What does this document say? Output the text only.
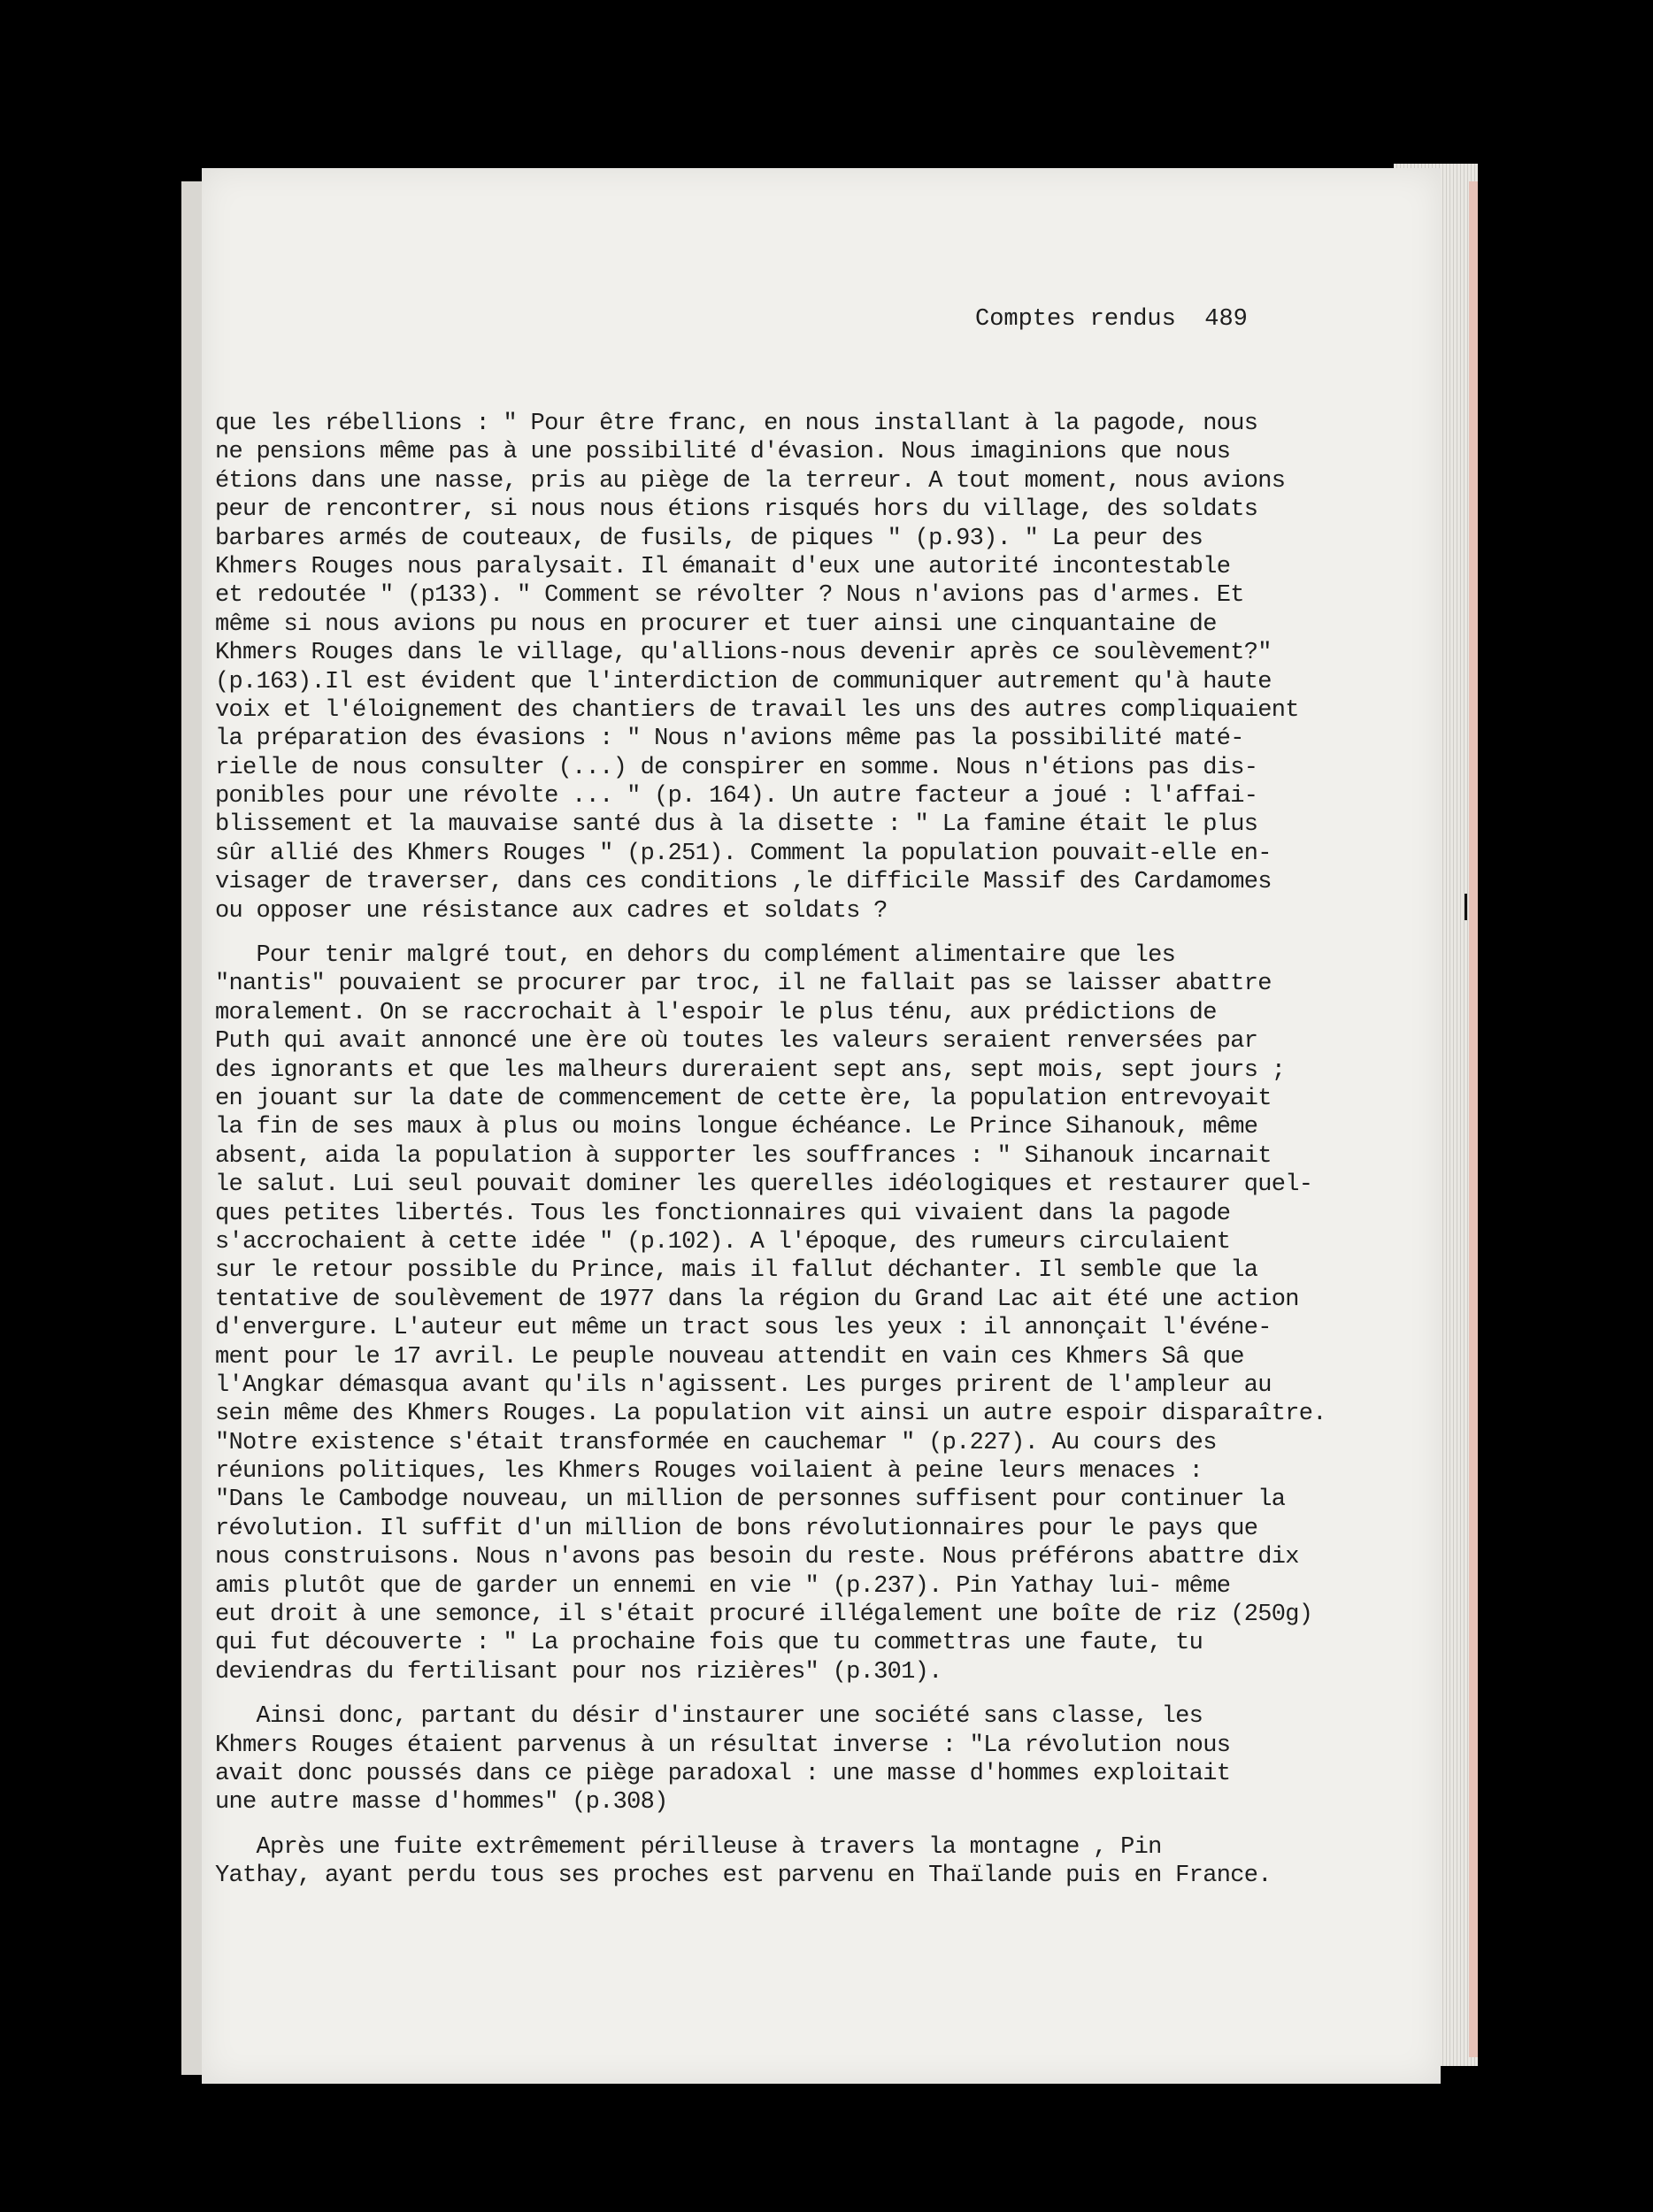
Comptes rendus 489
que les rébellions : " Pour être franc, en nous installant à la pagode, nous
ne pensions même pas à une possibilité d'évasion. Nous imaginions que nous
étions dans une nasse, pris au piège de la terreur. A tout moment, nous avions
peur de rencontrer, si nous nous étions risqués hors du village, des soldats
barbares armés de couteaux, de fusils, de piques " (p.93). " La peur des
Khmers Rouges nous paralysait. Il émanait d'eux une autorité incontestable
et redoutée " (p133). " Comment se révolter ? Nous n'avions pas d'armes. Et
même si nous avions pu nous en procurer et tuer ainsi une cinquantaine de
Khmers Rouges dans le village, qu'allions-nous devenir après ce soulèvement?"
(p.163).Il est évident que l'interdiction de communiquer autrement qu'à haute
voix et l'éloignement des chantiers de travail les uns des autres compliquaient
la préparation des évasions : " Nous n'avions même pas la possibilité maté-
rielle de nous consulter (...) de conspirer en somme. Nous n'étions pas dis-
ponibles pour une révolte ... " (p. 164). Un autre facteur a joué : l'affai-
blissement et la mauvaise santé dus à la disette : " La famine était le plus
sûr allié des Khmers Rouges " (p.251). Comment la population pouvait-elle en-
visager de traverser, dans ces conditions ,le difficile Massif des Cardamomes
ou opposer une résistance aux cadres et soldats ?
Pour tenir malgré tout, en dehors du complément alimentaire que les
"nantis" pouvaient se procurer par troc, il ne fallait pas se laisser abattre
moralement. On se raccrochait à l'espoir le plus ténu, aux prédictions de
Puth qui avait annoncé une ère où toutes les valeurs seraient renversées par
des ignorants et que les malheurs dureraient sept ans, sept mois, sept jours ;
en jouant sur la date de commencement de cette ère, la population entrevoyait
la fin de ses maux à plus ou moins longue échéance. Le Prince Sihanouk, même
absent, aida la population à supporter les souffrances : " Sihanouk incarnait
le salut. Lui seul pouvait dominer les querelles idéologiques et restaurer quel-
ques petites libertés. Tous les fonctionnaires qui vivaient dans la pagode
s'accrochaient à cette idée " (p.102). A l'époque, des rumeurs circulaient
sur le retour possible du Prince, mais il fallut déchanter. Il semble que la
tentative de soulèvement de 1977 dans la région du Grand Lac ait été une action
d'envergure. L'auteur eut même un tract sous les yeux : il annonçait l'événe-
ment pour le 17 avril. Le peuple nouveau attendit en vain ces Khmers Sâ que
l'Angkar démasqua avant qu'ils n'agissent. Les purges prirent de l'ampleur au
sein même des Khmers Rouges. La population vit ainsi un autre espoir disparaître.
"Notre existence s'était transformée en cauchemar " (p.227). Au cours des
réunions politiques, les Khmers Rouges voilaient à peine leurs menaces :
"Dans le Cambodge nouveau, un million de personnes suffisent pour continuer la
révolution. Il suffit d'un million de bons révolutionnaires pour le pays que
nous construisons. Nous n'avons pas besoin du reste. Nous préférons abattre dix
amis plutôt que de garder un ennemi en vie " (p.237). Pin Yathay lui- même
eut droit à une semonce, il s'était procuré illégalement une boîte de riz (250g)
qui fut découverte : " La prochaine fois que tu commettras une faute, tu
deviendras du fertilisant pour nos rizières" (p.301).
Ainsi donc, partant du désir d'instaurer une société sans classe, les
Khmers Rouges étaient parvenus à un résultat inverse : "La révolution nous
avait donc poussés dans ce piège paradoxal : une masse d'hommes exploitait
une autre masse d'hommes" (p.308)
Après une fuite extrêmement périlleuse à travers la montagne , Pin
Yathay, ayant perdu tous ses proches est parvenu en Thaïlande puis en France.
